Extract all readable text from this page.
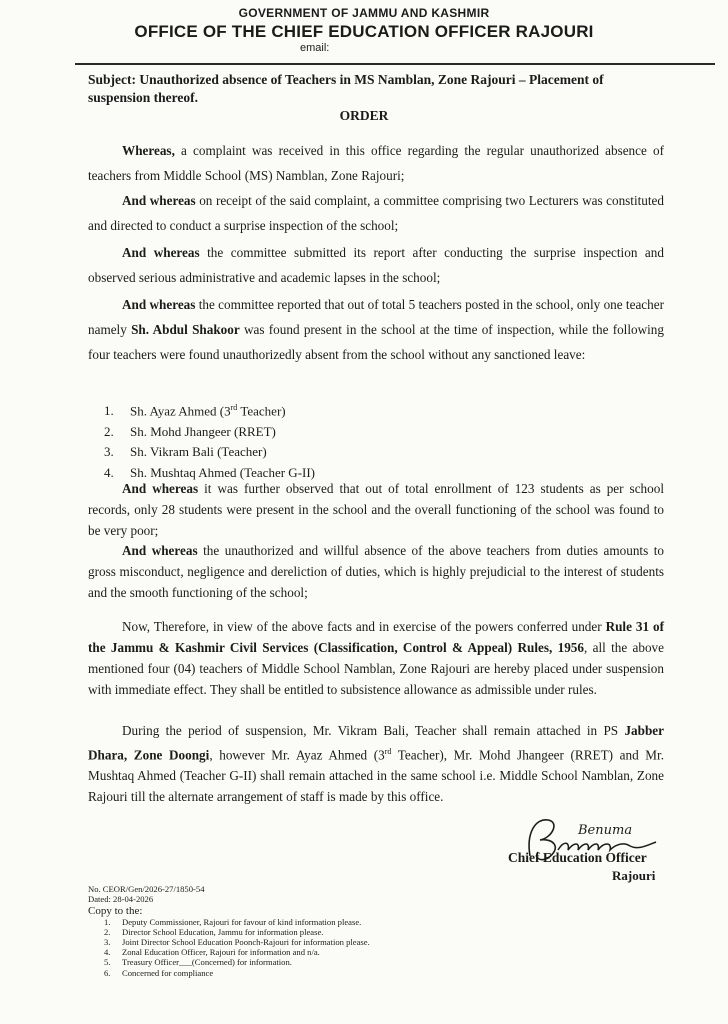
GOVERNMENT OF JAMMU AND KASHMIR
OFFICE OF THE CHIEF EDUCATION OFFICER RAJOURI
email:
Subject: Unauthorized absence of Teachers in MS Namblan, Zone Rajouri – Placement of suspension thereof.
ORDER
Whereas, a complaint was received in this office regarding the regular unauthorized absence of teachers from Middle School (MS) Namblan, Zone Rajouri;
And whereas on receipt of the said complaint, a committee comprising two Lecturers was constituted and directed to conduct a surprise inspection of the school;
And whereas the committee submitted its report after conducting the surprise inspection and observed serious administrative and academic lapses in the school;
And whereas the committee reported that out of total 5 teachers posted in the school, only one teacher namely Sh. Abdul Shakoor was found present in the school at the time of inspection, while the following four teachers were found unauthorizedly absent from the school without any sanctioned leave:
1. Sh. Ayaz Ahmed (3rd Teacher)
2. Sh. Mohd Jhangeer (RRET)
3. Sh. Vikram Bali (Teacher)
4. Sh. Mushtaq Ahmed (Teacher G-II)
And whereas it was further observed that out of total enrollment of 123 students as per school records, only 28 students were present in the school and the overall functioning of the school was found to be very poor;
And whereas the unauthorized and willful absence of the above teachers from duties amounts to gross misconduct, negligence and dereliction of duties, which is highly prejudicial to the interest of students and the smooth functioning of the school;
Now, Therefore, in view of the above facts and in exercise of the powers conferred under Rule 31 of the Jammu & Kashmir Civil Services (Classification, Control & Appeal) Rules, 1956, all the above mentioned four (04) teachers of Middle School Namblan, Zone Rajouri are hereby placed under suspension with immediate effect. They shall be entitled to subsistence allowance as admissible under rules.
During the period of suspension, Mr. Vikram Bali, Teacher shall remain attached in PS Jabber Dhara, Zone Doongi, however Mr. Ayaz Ahmed (3rd Teacher), Mr. Mohd Jhangeer (RRET) and Mr. Mushtaq Ahmed (Teacher G-II) shall remain attached in the same school i.e. Middle School Namblan, Zone Rajouri till the alternate arrangement of staff is made by this office.
Benuma
Chief Education Officer
Rajouri
No. CEOR/Gen/2026-27/1850-54
Dated: 28-04-2026
Copy to the:
1. Deputy Commissioner, Rajouri for favour of kind information please.
2. Director School Education, Jammu for information please.
3. Joint Director School Education Poonch-Rajouri for information please.
4. Zonal Education Officer, Rajouri for information and n/a.
5. Treasury Officer___(Concerned) for information.
6. Concerned for compliance
